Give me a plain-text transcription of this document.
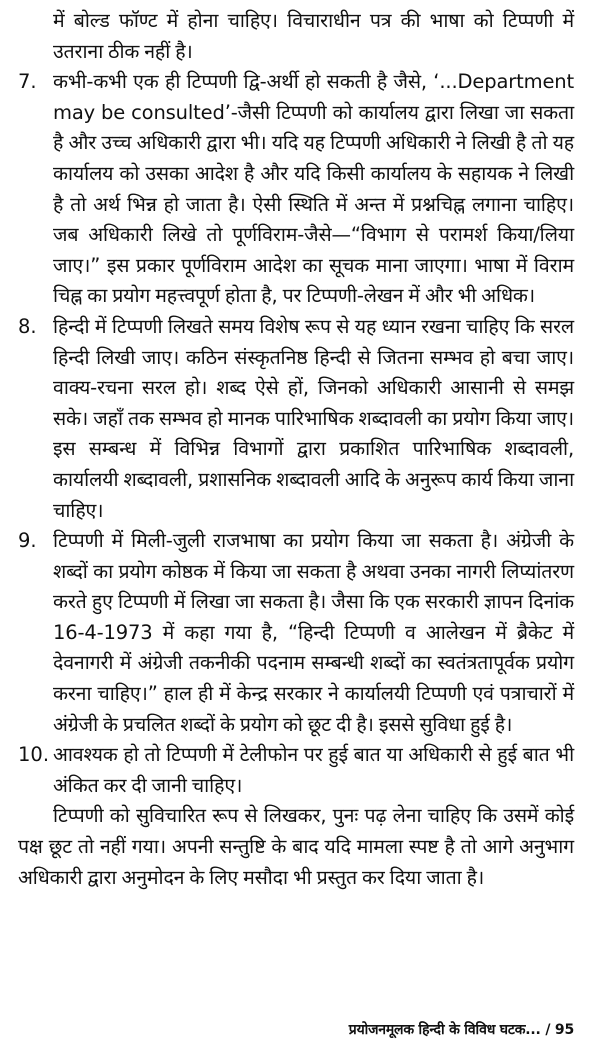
में बोल्ड फॉण्ट में होना चाहिए। विचाराधीन पत्र की भाषा को टिप्पणी में उतराना ठीक नहीं है।

7. कभी-कभी एक ही टिप्पणी द्वि-अर्थी हो सकती है जैसे, ‘...Department may be consulted’-जैसी टिप्पणी को कार्यालय द्वारा लिखा जा सकता है और उच्च अधिकारी द्वारा भी। यदि यह टिप्पणी अधिकारी ने लिखी है तो यह कार्यालय को उसका आदेश है और यदि किसी कार्यालय के सहायक ने लिखी है तो अर्थ भिन्न हो जाता है। ऐसी स्थिति में अन्त में प्रश्नचिह्न लगाना चाहिए। जब अधिकारी लिखे तो पूर्णविराम-जैसे—“विभाग से परामर्श किया/लिया जाए।” इस प्रकार पूर्णविराम आदेश का सूचक माना जाएगा। भाषा में विराम चिह्न का प्रयोग महत्त्वपूर्ण होता है, पर टिप्पणी-लेखन में और भी अधिक।

8. हिन्दी में टिप्पणी लिखते समय विशेष रूप से यह ध्यान रखना चाहिए कि सरल हिन्दी लिखी जाए। कठिन संस्कृतनिष्ठ हिन्दी से जितना सम्भव हो बचा जाए। वाक्य-रचना सरल हो। शब्द ऐसे हों, जिनको अधिकारी आसानी से समझ सके। जहाँ तक सम्भव हो मानक पारिभाषिक शब्दावली का प्रयोग किया जाए। इस सम्बन्ध में विभिन्न विभागों द्वारा प्रकाशित पारिभाषिक शब्दावली, कार्यालयी शब्दावली, प्रशासनिक शब्दावली आदि के अनुरूप कार्य किया जाना चाहिए।

9. टिप्पणी में मिली-जुली राजभाषा का प्रयोग किया जा सकता है। अंग्रेजी के शब्दों का प्रयोग कोष्ठक में किया जा सकता है अथवा उनका नागरी लिप्यांतरण करते हुए टिप्पणी में लिखा जा सकता है। जैसा कि एक सरकारी ज्ञापन दिनांक 16-4-1973 में कहा गया है, “हिन्दी टिप्पणी व आलेखन में ब्रैकेट में देवनागरी में अंग्रेजी तकनीकी पदनाम सम्बन्धी शब्दों का स्वतंत्रतापूर्वक प्रयोग करना चाहिए।” हाल ही में केन्द्र सरकार ने कार्यालयी टिप्पणी एवं पत्राचारों में अंग्रेजी के प्रचलित शब्दों के प्रयोग को छूट दी है। इससे सुविधा हुई है।

10. आवश्यक हो तो टिप्पणी में टेलीफोन पर हुई बात या अधिकारी से हुई बात भी अंकित कर दी जानी चाहिए।

टिप्पणी को सुविचारित रूप से लिखकर, पुनः पढ़ लेना चाहिए कि उसमें कोई पक्ष छूट तो नहीं गया। अपनी सन्तुष्टि के बाद यदि मामला स्पष्ट है तो आगे अनुभाग अधिकारी द्वारा अनुमोदन के लिए मसौदा भी प्रस्तुत कर दिया जाता है।

प्रयोजनमूलक हिन्दी के विविध घटक... / 95
